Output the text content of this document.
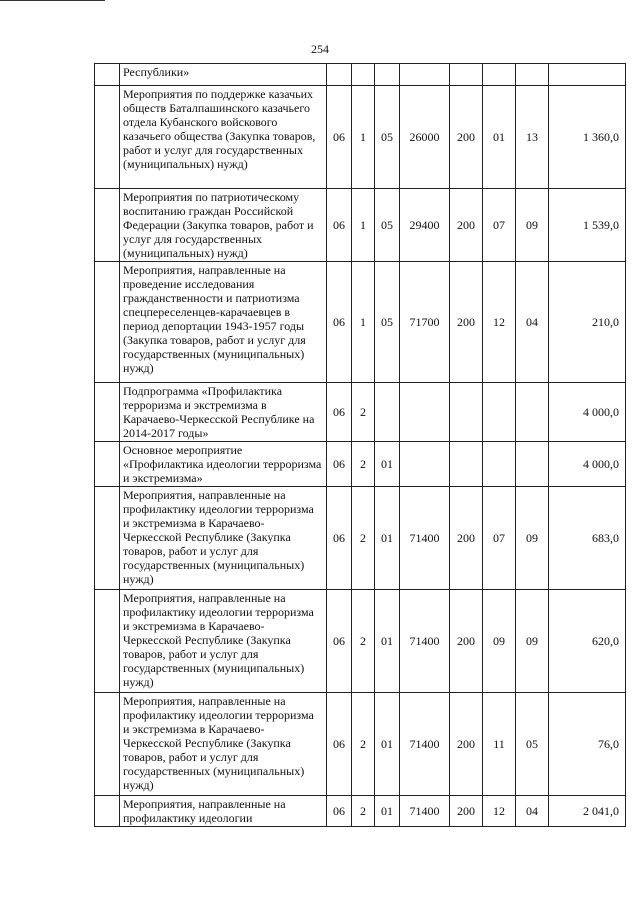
254
	Республики»								
	Мероприятия по поддержке казачьих обществ Баталпашинского казачьего отдела Кубанского войскового казачьего общества (Закупка товаров, работ и услуг для государственных (муниципальных) нужд)	06	1	05	26000	200	01	13	1 360,0
	Мероприятия по патриотическому воспитанию граждан Российской Федерации (Закупка товаров, работ и услуг для государственных (муниципальных) нужд)	06	1	05	29400	200	07	09	1 539,0
	Мероприятия, направленные на проведение исследования гражданственности и патриотизма спецпереселенцев-карачаевцев в период депортации 1943-1957 годы (Закупка товаров, работ и услуг для государственных (муниципальных) нужд)	06	1	05	71700	200	12	04	210,0
	Подпрограмма «Профилактика терроризма и экстремизма в Карачаево-Черкесской Республике на 2014-2017 годы»	06	2						4 000,0
	Основное мероприятие «Профилактика идеологии терроризма и экстремизма»	06	2	01					4 000,0
	Мероприятия, направленные на профилактику идеологии терроризма и экстремизма в Карачаево-Черкесской Республике (Закупка товаров, работ и услуг для государственных (муниципальных) нужд)	06	2	01	71400	200	07	09	683,0
	Мероприятия, направленные на профилактику идеологии терроризма и экстремизма в Карачаево-Черкесской Республике (Закупка товаров, работ и услуг для государственных (муниципальных) нужд)	06	2	01	71400	200	09	09	620,0
	Мероприятия, направленные на профилактику идеологии терроризма и экстремизма в Карачаево-Черкесской Республике (Закупка товаров, работ и услуг для государственных (муниципальных) нужд)	06	2	01	71400	200	11	05	76,0
	Мероприятия, направленные на профилактику идеологии	06	2	01	71400	200	12	04	2 041,0
